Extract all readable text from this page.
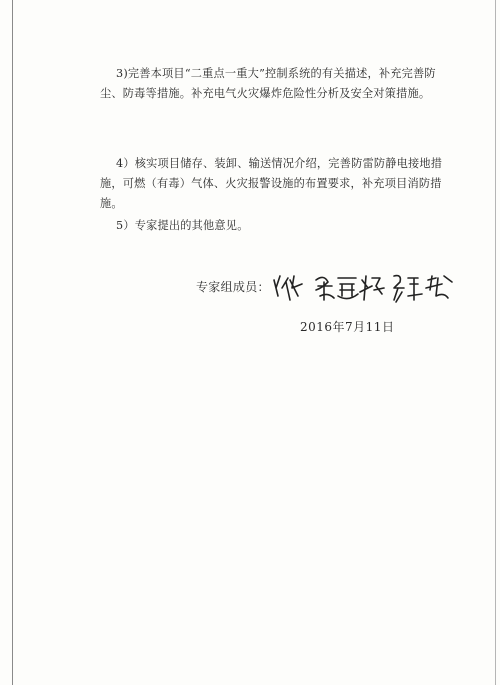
3)完善本项目“二重点一重大”控制系统的有关描述，补充完善防尘、防毒等措施。补充电气火灾爆炸危险性分析及安全对策措施。

4）核实项目储存、装卸、输送情况介绍，完善防雷防静电接地措施，可燃（有毒）气体、火灾报警设施的布置要求，补充项目消防措施。

5）专家提出的其他意见。

专家组成员：
2016年7月11日
